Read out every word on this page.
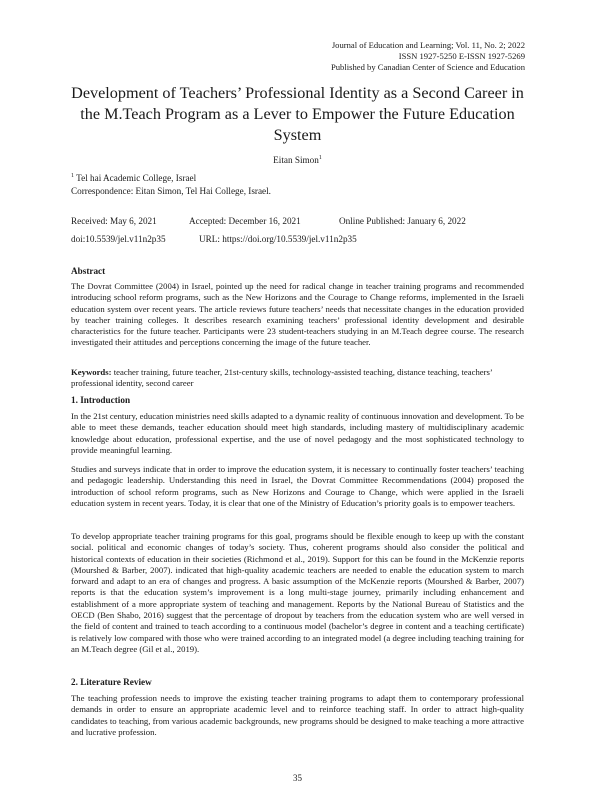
Journal of Education and Learning; Vol. 11, No. 2; 2022
ISSN 1927-5250 E-ISSN 1927-5269
Published by Canadian Center of Science and Education
Development of Teachers’ Professional Identity as a Second Career in the M.Teach Program as a Lever to Empower the Future Education System
Eitan Simon$^1$
$^1$ Tel hai Academic College, Israel
Correspondence: Eitan Simon, Tel Hai College, Israel.
Received: May 6, 2021	Accepted: December 16, 2021	Online Published: January 6, 2022
doi:10.5539/jel.v11n2p35	URL: https://doi.org/10.5539/jel.v11n2p35
Abstract
The Dovrat Committee (2004) in Israel, pointed up the need for radical change in teacher training programs and recommended introducing school reform programs, such as the New Horizons and the Courage to Change reforms, implemented in the Israeli education system over recent years. The article reviews future teachers’ needs that necessitate changes in the education provided by teacher training colleges. It describes research examining teachers’ professional identity development and desirable characteristics for the future teacher. Participants were 23 student-teachers studying in an M.Teach degree course. The research investigated their attitudes and perceptions concerning the image of the future teacher.
Keywords: teacher training, future teacher, 21st-century skills, technology-assisted teaching, distance teaching, teachers’ professional identity, second career
1. Introduction
In the 21st century, education ministries need skills adapted to a dynamic reality of continuous innovation and development. To be able to meet these demands, teacher education should meet high standards, including mastery of multidisciplinary academic knowledge about education, professional expertise, and the use of novel pedagogy and the most sophisticated technology to provide meaningful learning.
Studies and surveys indicate that in order to improve the education system, it is necessary to continually foster teachers’ teaching and pedagogic leadership. Understanding this need in Israel, the Dovrat Committee Recommendations (2004) proposed the introduction of school reform programs, such as New Horizons and Courage to Change, which were applied in the Israeli education system in recent years. Today, it is clear that one of the Ministry of Education’s priority goals is to empower teachers.
To develop appropriate teacher training programs for this goal, programs should be flexible enough to keep up with the constant social. political and economic changes of today’s society. Thus, coherent programs should also consider the political and historical contexts of education in their societies (Richmond et al., 2019). Support for this can be found in the McKenzie reports (Mourshed & Barber, 2007). indicated that high-quality academic teachers are needed to enable the education system to march forward and adapt to an era of changes and progress. A basic assumption of the McKenzie reports (Mourshed & Barber, 2007) reports is that the education system’s improvement is a long multi-stage journey, primarily including enhancement and establishment of a more appropriate system of teaching and management. Reports by the National Bureau of Statistics and the OECD (Ben Shabo, 2016) suggest that the percentage of dropout by teachers from the education system who are well versed in the field of content and trained to teach according to a continuous model (bachelor’s degree in content and a teaching certificate) is relatively low compared with those who were trained according to an integrated model (a degree including teaching training for an M.Teach degree (Gil et al., 2019).
2. Literature Review
The teaching profession needs to improve the existing teacher training programs to adapt them to contemporary professional demands in order to ensure an appropriate academic level and to reinforce teaching staff. In order to attract high-quality candidates to teaching, from various academic backgrounds, new programs should be designed to make teaching a more attractive and lucrative profession.
35
